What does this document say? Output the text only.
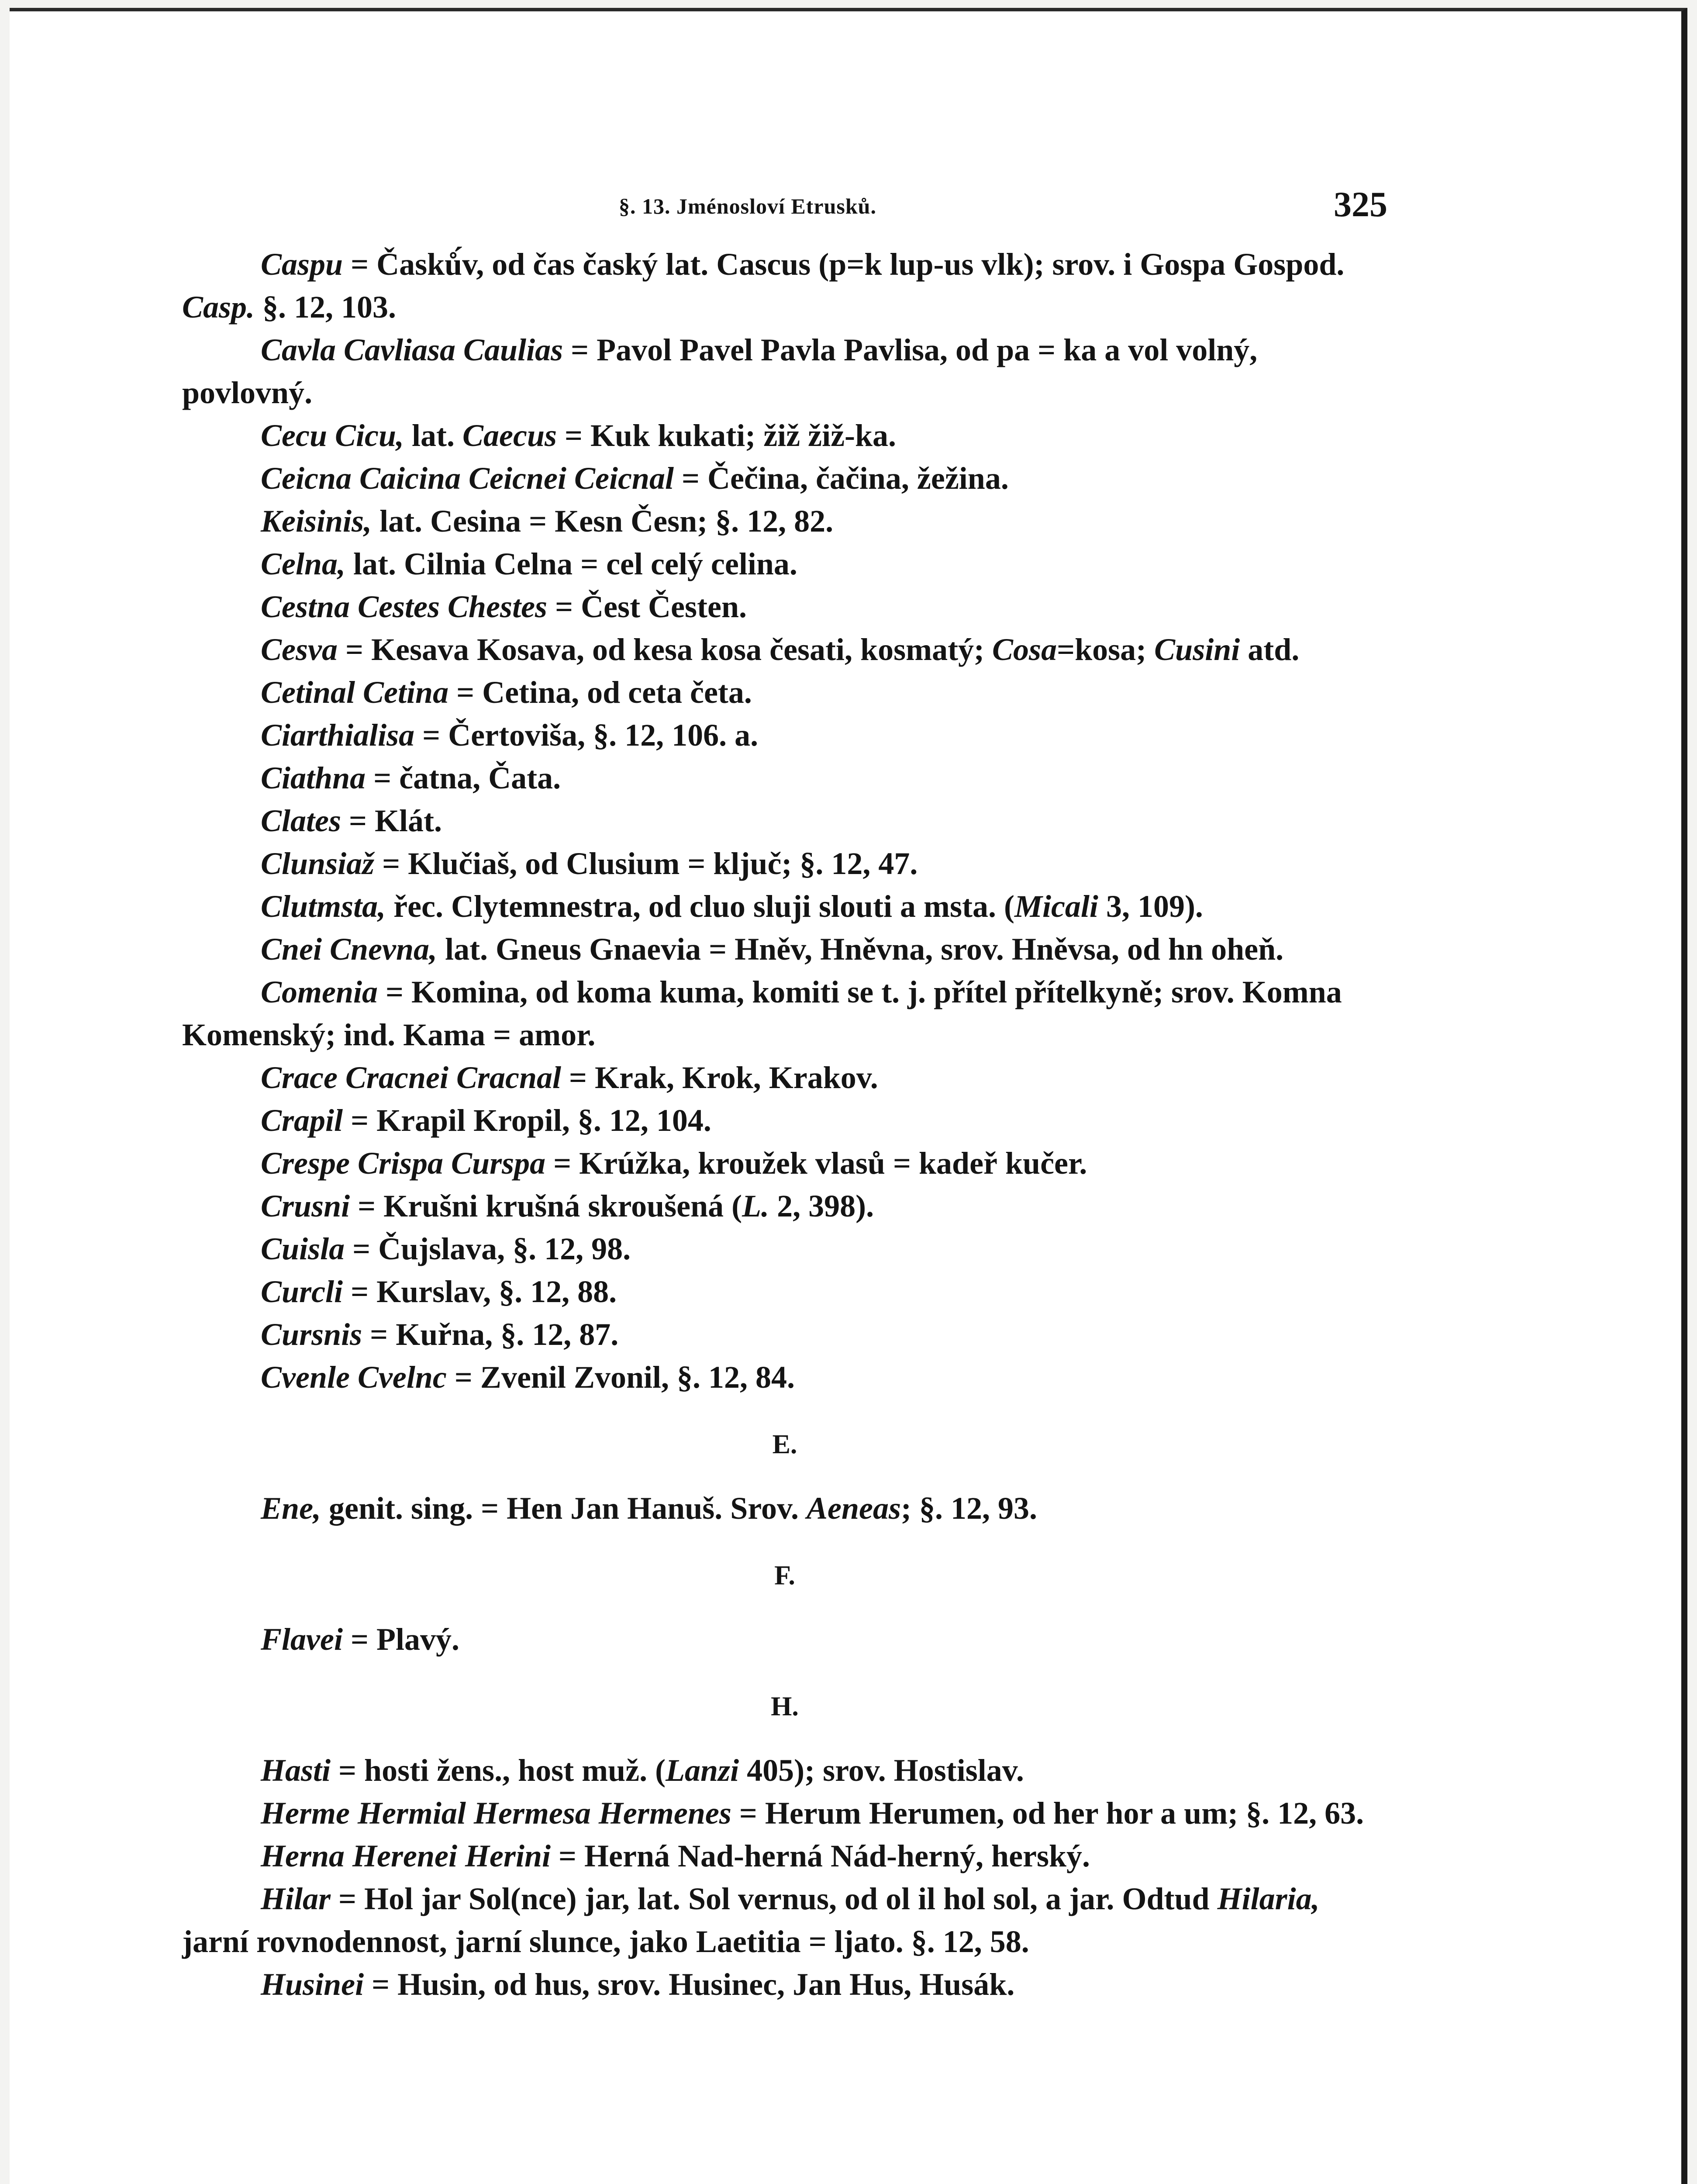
§. 13. Jménosloví Etrusků.	325

Caspu = Časků́v, od čas časký lat. Cascus (p=k lup-us vlk); srov. i Gospa Gospod. Casp. §. 12, 103.

Cavla Cavliasa Caulias = Pavol Pavel Pavla Pavlisa, od pa = ka a vol volný, povlovný.

Cecu Cicu, lat. Caecus = Kuk kukati; žiž žiž-ka.

Ceicna Caicina Ceicnei Ceicnal = Čečina, čačina, žežina.

Keisinis, lat. Cesina = Kesn Česn; §. 12, 82.

Celna, lat. Cilnia Celna = cel celý celina.

Cestna Cestes Chestes = Čest Česten.

Cesva = Kesava Kosava, od kesa kosa česati, kosmatý; Cosa=kosa; Cusini atd.

Cetinal Cetina = Cetina, od ceta četa.

Ciarthialisa = Čertoviša, §. 12, 106. a.

Ciathna = čatna, Čata.

Clates = Klát.

Clunsiaž = Klučiaš, od Clusium = ključ; §. 12, 47.

Clutmsta, řec. Clytemnestra, od cluo sluji slouti a msta. (Micali 3, 109).

Cnei Cnevna, lat. Gneus Gnaevia = Hněv, Hněvna, srov. Hněvsa, od hn oheň.

Comenia = Komina, od koma kuma, komiti se t. j. přítel přítelkyně; srov. Komna Komenský; ind. Kama = amor.

Crace Cracnei Cracnal = Krak, Krok, Krakov.

Crapil = Krapil Kropil, §. 12, 104.

Crespe Crispa Curspa = Krúžka, kroužek vlasů = kadeř kučer.

Crusni = Krušni krušná skroušená (L. 2, 398).

Cuisla = Čujslava, §. 12, 98.

Curcli = Kurslav, §. 12, 88.

Cursnis = Kuřna, §. 12, 87.

Cvenle Cvelnc = Zvenil Zvonil, §. 12, 84.

E.

Ene, genit. sing. = Hen Jan Hanuš. Srov. Aeneas; §. 12, 93.

F.

Flavei = Plavý.

H.

Hasti = hosti žens., host muž. (Lanzi 405); srov. Hostislav.

Herme Hermial Hermesa Hermenes = Herum Herumen, od her hor a um; §. 12, 63.

Herna Herenei Herini = Herná Nad-herná Nád-herný, herský.

Hilar = Hol jar Sol(nce) jar, lat. Sol vernus, od ol il hol sol, a jar. Odtud Hilaria, jarní rovnodennost, jarní slunce, jako Laetitia = ljato. §. 12, 58.

Husinei = Husin, od hus, srov. Husinec, Jan Hus, Husák.
